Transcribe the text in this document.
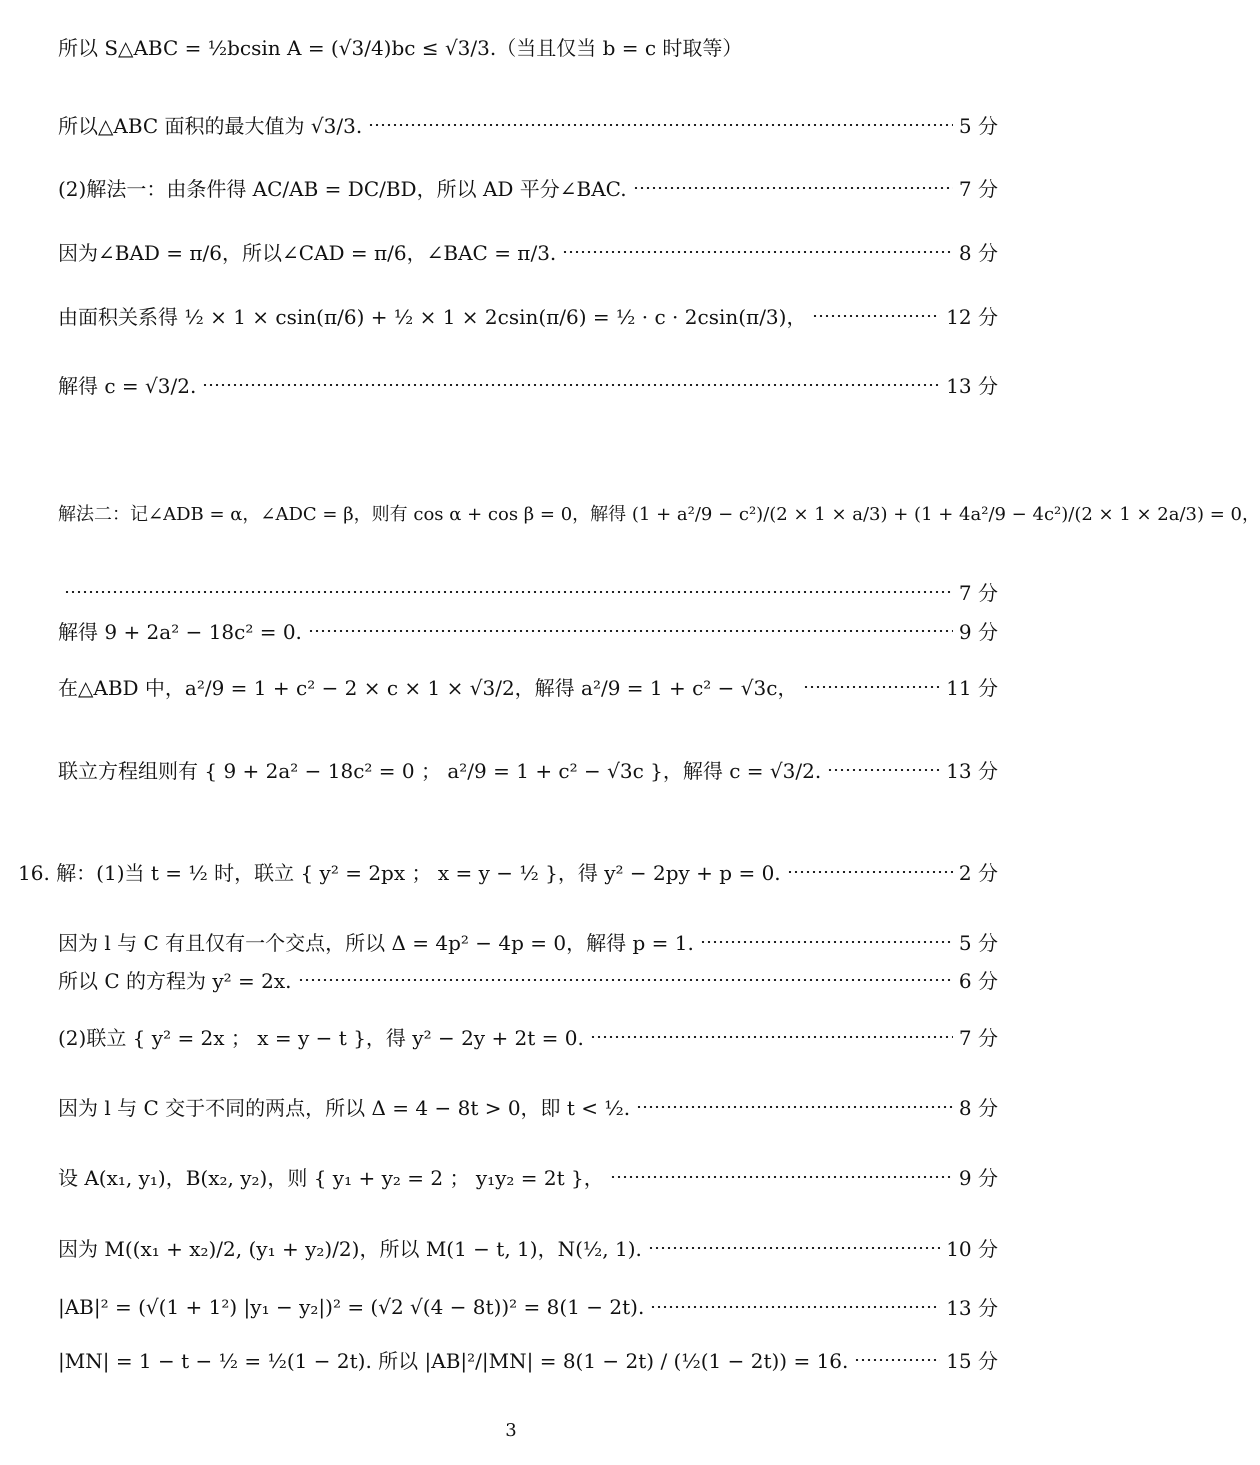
所以 S△ABC = ½bcsin A = (√3/4)bc ≤ √3/3.（当且仅当 b = c 时取等）
所以△ABC 面积的最大值为 √3/3.	5 分
(2)解法一：由条件得 AC/AB = DC/BD，所以 AD 平分∠BAC.	7 分
因为∠BAD = π/6，所以∠CAD = π/6，∠BAC = π/3.	8 分
由面积关系得 ½ × 1 × csin(π/6) + ½ × 1 × 2csin(π/6) = ½ · c · 2csin(π/3)，	12 分
解得 c = √3/2.	13 分
解法二：记∠ADB = α，∠ADC = β，则有 cos α + cos β = 0，解得 (1 + a²/9 − c²)/(2 × 1 × a/3) + (1 + 4a²/9 − 4c²)/(2 × 1 × 2a/3) = 0，
7 分
解得 9 + 2a² − 18c² = 0.	9 分
在△ABD 中，a²/9 = 1 + c² − 2 × c × 1 × √3/2，解得 a²/9 = 1 + c² − √3c，	11 分
联立方程组则有 { 9 + 2a² − 18c² = 0 ； a²/9 = 1 + c² − √3c }，解得 c = √3/2.	13 分
16. 解：(1)当 t = ½ 时，联立 { y² = 2px ； x = y − ½ }，得 y² − 2py + p = 0.	2 分
因为 l 与 C 有且仅有一个交点，所以 Δ = 4p² − 4p = 0，解得 p = 1.	5 分
所以 C 的方程为 y² = 2x.	6 分
(2)联立 { y² = 2x ； x = y − t }，得 y² − 2y + 2t = 0.	7 分
因为 l 与 C 交于不同的两点，所以 Δ = 4 − 8t > 0，即 t < ½.	8 分
设 A(x₁, y₁)，B(x₂, y₂)，则 { y₁ + y₂ = 2 ； y₁y₂ = 2t }，	9 分
因为 M((x₁ + x₂)/2, (y₁ + y₂)/2)，所以 M(1 − t, 1)，N(½, 1).	10 分
|AB|² = (√(1 + 1²) |y₁ − y₂|)² = (√2 √(4 − 8t))² = 8(1 − 2t).	13 分
|MN| = 1 − t − ½ = ½(1 − 2t). 所以 |AB|²/|MN| = 8(1 − 2t) / (½(1 − 2t)) = 16.	15 分
3
